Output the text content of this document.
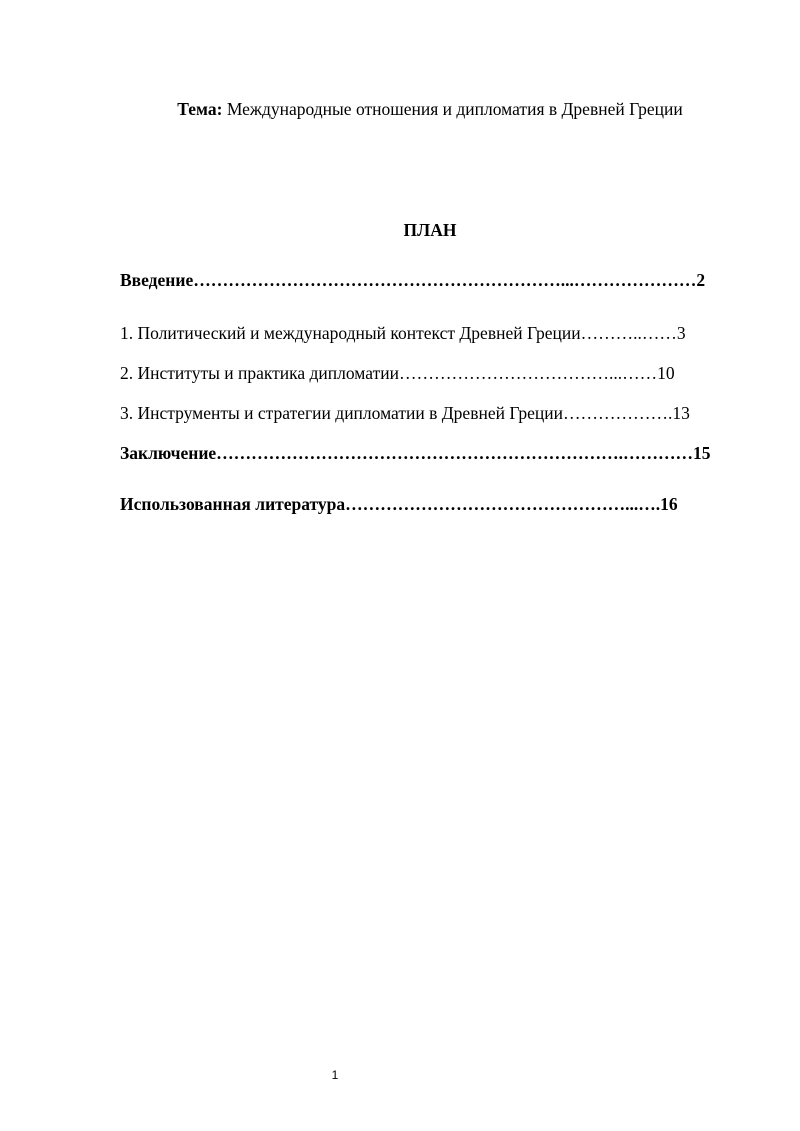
Тема: Международные отношения и дипломатия в Древней Греции
ПЛАН
Введение………………………………………………………...…………………2
1. Политический и международный контекст Древней Греции………..……3
2. Институты и практика дипломатии………………………………...……10
3. Инструменты и стратегии дипломатии в Древней Греции……………….13
Заключение…………………………………………………………….…………15
Использованная литература…………………………………………...….16
1
